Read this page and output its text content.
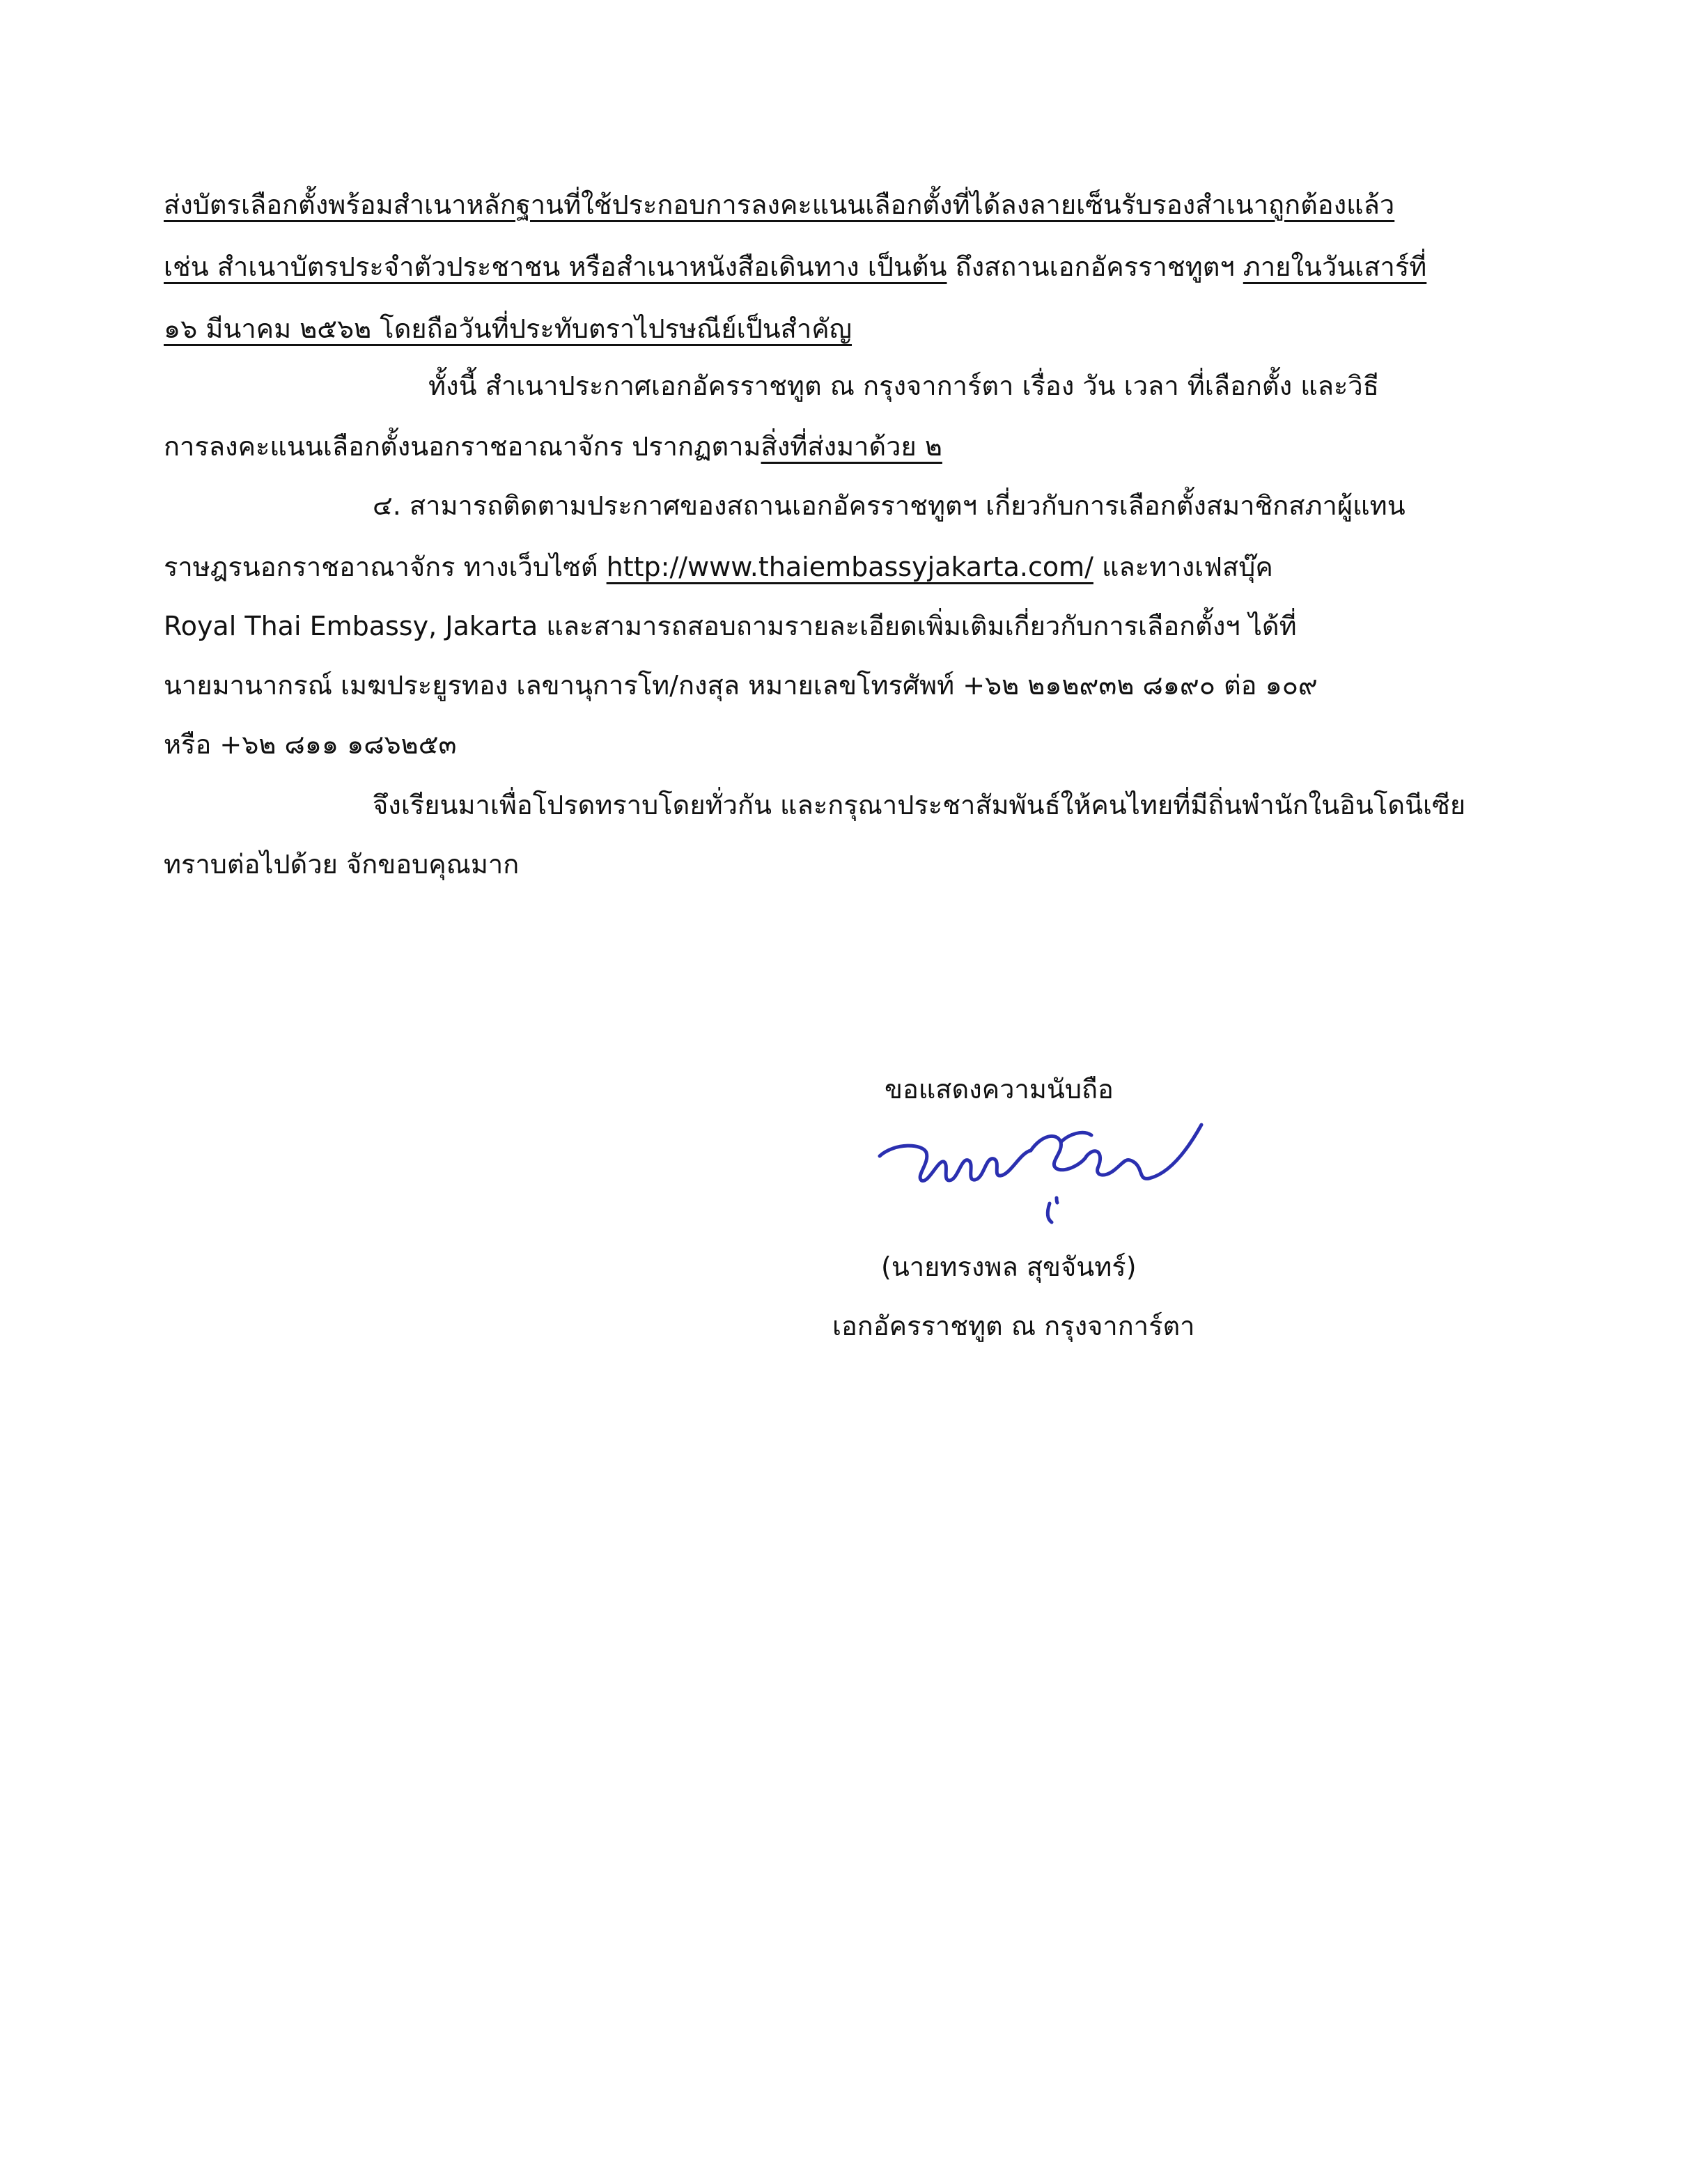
ส่งบัตรเลือกตั้งพร้อมสำเนาหลักฐานที่ใช้ประกอบการลงคะแนนเลือกตั้งที่ได้ลงลายเซ็นรับรองสำเนาถูกต้องแล้ว
เช่น สำเนาบัตรประจำตัวประชาชน หรือสำเนาหนังสือเดินทาง เป็นต้น ถึงสถานเอกอัครราชทูตฯ ภายในวันเสาร์ที่
๑๖ มีนาคม ๒๕๖๒ โดยถือวันที่ประทับตราไปรษณีย์เป็นสำคัญ
ทั้งนี้ สำเนาประกาศเอกอัครราชทูต ณ กรุงจาการ์ตา เรื่อง วัน เวลา ที่เลือกตั้ง และวิธี
การลงคะแนนเลือกตั้งนอกราชอาณาจักร ปรากฏตามสิ่งที่ส่งมาด้วย ๒
๔. สามารถติดตามประกาศของสถานเอกอัครราชทูตฯ เกี่ยวกับการเลือกตั้งสมาชิกสภาผู้แทน
ราษฎรนอกราชอาณาจักร ทางเว็บไซต์ http://www.thaiembassyjakarta.com/ และทางเฟสบุ๊ค
Royal Thai Embassy, Jakarta และสามารถสอบถามรายละเอียดเพิ่มเติมเกี่ยวกับการเลือกตั้งฯ ได้ที่
นายมานากรณ์ เมฆประยูรทอง เลขานุการโท/กงสุล หมายเลขโทรศัพท์ +๖๒ ๒๑๒๙๓๒ ๘๑๙๐ ต่อ ๑๐๙
หรือ +๖๒ ๘๑๑ ๑๘๖๒๕๓
จึงเรียนมาเพื่อโปรดทราบโดยทั่วกัน และกรุณาประชาสัมพันธ์ให้คนไทยที่มีถิ่นพำนักในอินโดนีเซีย
ทราบต่อไปด้วย จักขอบคุณมาก
ขอแสดงความนับถือ
(นายทรงพล สุขจันทร์)
เอกอัครราชทูต ณ กรุงจาการ์ตา
